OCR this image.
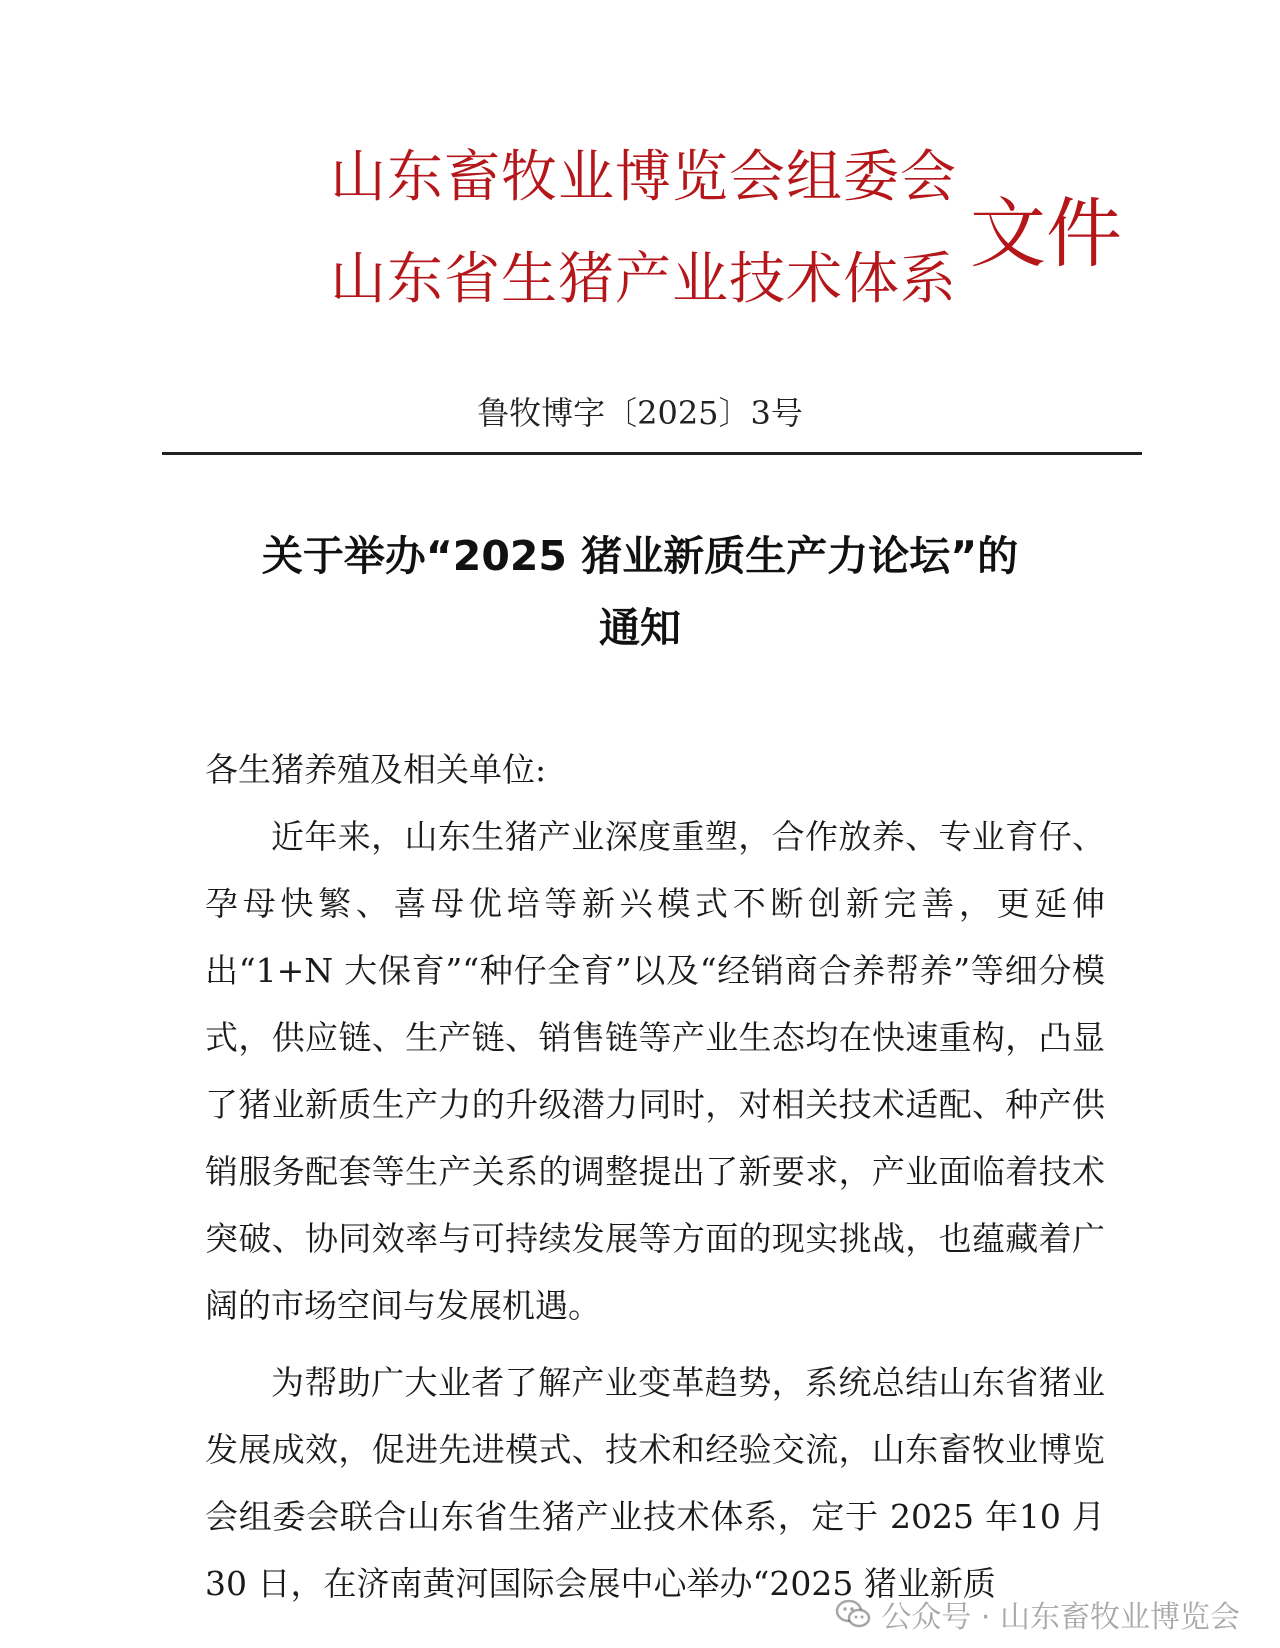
山东畜牧业博览会组委会
山东省生猪产业技术体系
文件
鲁牧博字〔2025〕3号
关于举办“2025 猪业新质生产力论坛”的
通知

各生猪养殖及相关单位:

近年来，山东生猪产业深度重塑，合作放养、专业育仔、孕母快繁、喜母优培等新兴模式不断创新完善，更延伸出“1+N 大保育”“种仔全育”以及“经销商合养帮养”等细分模式，供应链、生产链、销售链等产业生态均在快速重构，凸显了猪业新质生产力的升级潜力同时，对相关技术适配、种产供销服务配套等生产关系的调整提出了新要求，产业面临着技术突破、协同效率与可持续发展等方面的现实挑战，也蕴藏着广阔的市场空间与发展机遇。

为帮助广大业者了解产业变革趋势，系统总结山东省猪业发展成效，促进先进模式、技术和经验交流，山东畜牧业博览会组委会联合山东省生猪产业技术体系，定于 2025 年10 月 30 日，在济南黄河国际会展中心举办“2025 猪业新质

公众号 · 山东畜牧业博览会
